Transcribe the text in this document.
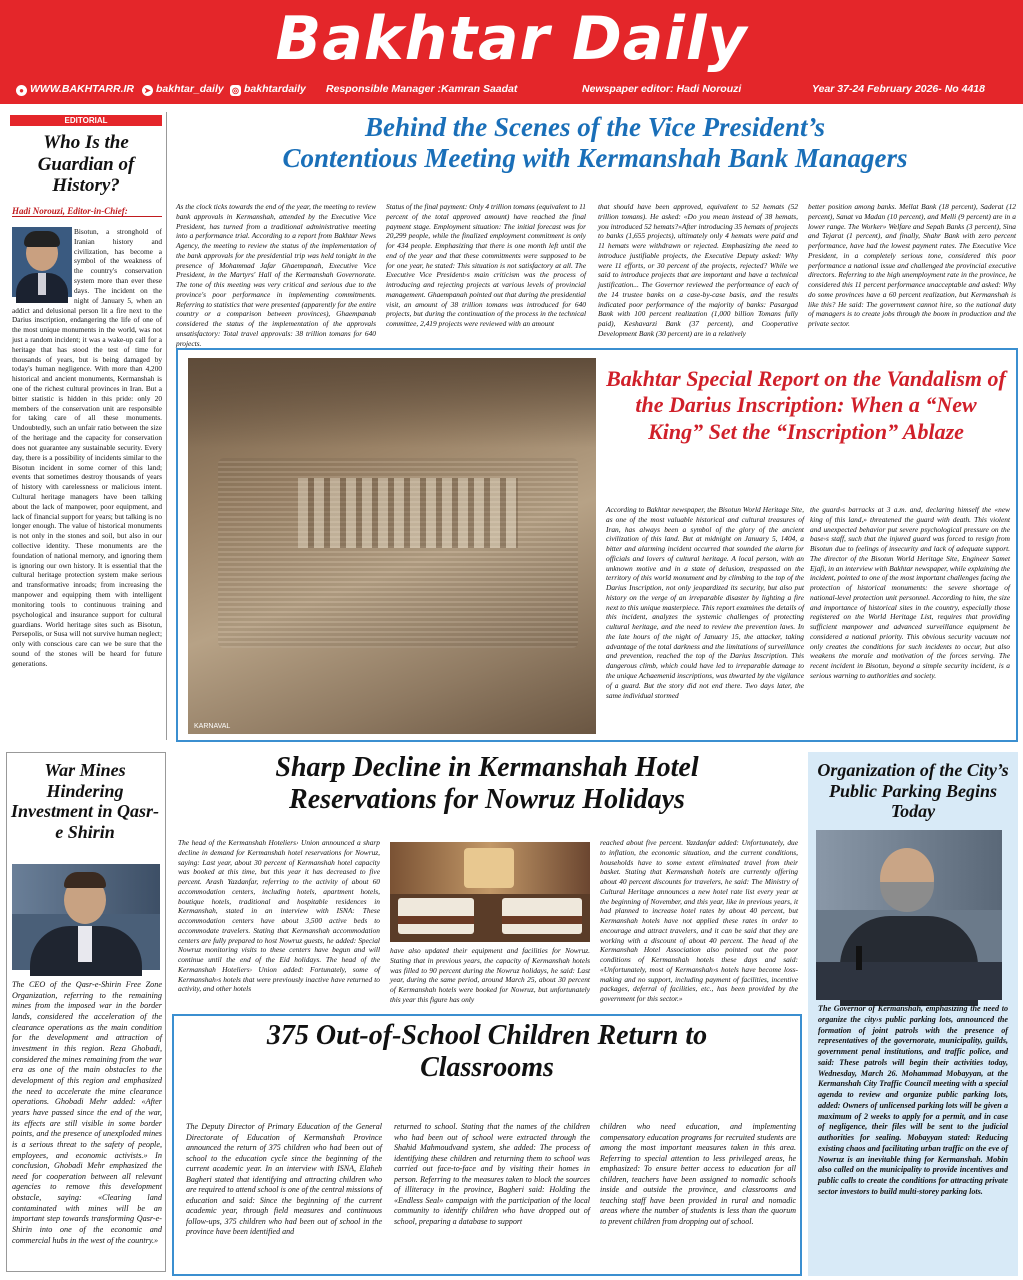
Bakhtar Daily
● WWW.BAKHTARR.IR ➤ bakhtar_daily ◎ bakhtardaily Responsible Manager :Kamran Saadat	Newspaper editor: Hadi Norouzi	Year 37-24 February 2026- No 4418
EDITORIAL
Who Is the Guardian of History?
Hadi Norouzi, Editor-in-Chief:

Bisotun, a stronghold of Iranian history and civilization, has become a symbol of the weakness of the country's conservation system more than ever these days. The incident on the night of January 5, when an addict and delusional person lit a fire next to the Darius inscription, endangering the life of one of the most unique monuments in the world, was not just a random incident; it was a wake-up call for a heritage that has stood the test of time for thousands of years, but is being damaged by today's human negligence. With more than 4,200 historical and ancient monuments, Kermanshah is one of the richest cultural provinces in Iran. But a bitter statistic is hidden in this pride: only 20 members of the conservation unit are responsible for taking care of all these monuments. Undoubtedly, such an unfair ratio between the size of the heritage and the capacity for conservation does not guarantee any sustainable security. Every day, there is a possibility of incidents similar to the Bisotun incident in some corner of this land; events that sometimes destroy thousands of years of history with carelessness or malicious intent. Cultural heritage managers have been talking about the lack of manpower, poor equipment, and lack of financial support for years; but talking is no longer enough. The value of historical monuments is not only in the stones and soil, but also in our collective identity. These monuments are the foundation of national memory, and ignoring them is ignoring our own history. It is essential that the cultural heritage protection system make serious and transformative inroads; from increasing the manpower and equipping them with intelligent monitoring tools to continuous training and psychological and insurance support for cultural guardians. World heritage sites such as Bisotun, Persepolis, or Susa will not survive human neglect; only with conscious care can we be sure that the sound of the stones will be heard for future generations.

Behind the Scenes of the Vice President’s
Contentious Meeting with Kermanshah Bank Managers
As the clock ticks towards the end of the year, the meeting to review bank approvals in Kermanshah, attended by the Executive Vice President, has turned from a traditional administrative meeting into a performance trial. According to a report from Bakhtar News Agency, the meeting to review the status of the implementation of the bank approvals for the presidential trip was held tonight in the presence of Mohammad Jafar Ghaempanah, Executive Vice President, in the Martyrs' Hall of the Kermanshah Governorate. The tone of this meeting was very critical and serious due to the province's poor performance in implementing commitments. Referring to statistics that were presented (apparently for the entire country or a comparison between provinces), Ghaempanah considered the status of the implementation of the approvals unsatisfactory: Total travel approvals: 38 trillion tomans for 640 projects.
Status of the final payment: Only 4 trillion tomans (equivalent to 11 percent of the total approved amount) have reached the final payment stage. Employment situation: The initial forecast was for 20,299 people, while the finalized employment commitment is only for 434 people. Emphasizing that there is one month left until the end of the year and that these commitments were supposed to be for one year, he stated: This situation is not satisfactory at all. The Executive Vice President›s main criticism was the process of introducing and rejecting projects at various levels of provincial management. Ghaempanah pointed out that during the presidential visit, an amount of 38 trillion tomans was introduced for 640 projects, but during the continuation of the process in the technical committee, 2,419 projects were reviewed with an amount
that should have been approved, equivalent to 52 hemats (52 trillion tomans). He asked: «Do you mean instead of 38 hemats, you introduced 52 hemats?»After introducing 35 hemats of projects to banks (1,655 projects), ultimately only 4 hemats were paid and 11 hemats were withdrawn or rejected. Emphasizing the need to introduce justifiable projects, the Executive Deputy asked: Why were 11 efforts, or 30 percent of the projects, rejected? While we said to introduce projects that are important and have a technical justification... The Governor reviewed the performance of each of the 14 trustee banks on a case-by-case basis, and the results indicated poor performance of the majority of banks: Pasargad Bank with 100 percent realization (1,000 billion Tomans fully paid), Keshavarzi Bank (37 percent), and Cooperative Development Bank (30 percent) are in a relatively
better position among banks. Mellat Bank (18 percent), Saderat (12 percent), Sanat va Madan (10 percent), and Melli (9 percent) are in a lower range. The Worker» Welfare and Sepah Banks (3 percent), Sina and Tejarat (1 percent), and finally, Shahr Bank with zero percent performance, have had the lowest payment rates. The Executive Vice President, in a completely serious tone, considered this poor performance a national issue and challenged the provincial executive directors. Referring to the high unemployment rate in the province, he considered this 11 percent performance unacceptable and asked: Why do some provinces have a 60 percent realization, but Kermanshah is like this? He said: The government cannot hire, so the national duty of managers is to create jobs through the boom in production and the private sector.
KARNAVAL
Bakhtar Special Report on the Vandalism of the Darius Inscription: When a “New King” Set the “Inscription” Ablaze
According to Bakhtar newspaper, the Bisotun World Heritage Site, as one of the most valuable historical and cultural treasures of Iran, has always been a symbol of the glory of the ancient civilization of this land. But at midnight on January 5, 1404, a bitter and alarming incident occurred that sounded the alarm for officials and lovers of cultural heritage. A local person, with an unknown motive and in a state of delusion, trespassed on the territory of this world monument and by climbing to the top of the Darius Inscription, not only jeopardized its security, but also put history on the verge of an irreparable disaster by lighting a fire next to this unique masterpiece. This report examines the details of this incident, analyzes the systemic challenges of protecting cultural heritage, and the need to review the prevention laws. In the late hours of the night of January 15, the attacker, taking advantage of the total darkness and the limitations of surveillance and prevention, reached the top of the Darius Inscription. This dangerous climb, which could have led to irreparable damage to the unique Achaemenid inscriptions, was thwarted by the vigilance of a guard. But the story did not end there. Two days later, the same individual stormed
the guard›s barracks at 3 a.m. and, declaring himself the «new king of this land,» threatened the guard with death. This violent and unexpected behavior put severe psychological pressure on the base›s staff, such that the injured guard was forced to resign from Bisotun due to feelings of insecurity and lack of adequate support. The director of the Bisotun World Heritage Site, Engineer Samet Ejafi, in an interview with Bakhtar newspaper, while explaining the incident, pointed to one of the most important challenges facing the protection of historical monuments: the severe shortage of national-level protection unit personnel. According to him, the size and importance of historical sites in the country, especially those registered on the World Heritage List, requires that providing sufficient manpower and advanced surveillance equipment be considered a national priority. This obvious security vacuum not only creates the conditions for such incidents to occur, but also weakens the morale and motivation of the forces serving. The recent incident in Bisotun, beyond a simple security incident, is a serious warning to authorities and society.
War Mines Hindering Investment in Qasr-e Shirin
The CEO of the Qasr-e-Shirin Free Zone Organization, referring to the remaining mines from the imposed war in the border lands, considered the acceleration of the clearance operations as the main condition for the development and attraction of investment in this region. Reza Ghobadi, considered the mines remaining from the war era as one of the main obstacles to the development of this region and emphasized the need to accelerate the mine clearance operations. Ghobadi Mehr added: «After years have passed since the end of the war, its effects are still visible in some border points, and the presence of unexploded mines is a serious threat to the safety of people, employees, and economic activists.» In conclusion, Ghobadi Mehr emphasized the need for cooperation between all relevant agencies to remove this development obstacle, saying: «Clearing land contaminated with mines will be an important step towards transforming Qasr-e-Shirin into one of the economic and commercial hubs in the west of the country.»
Sharp Decline in Kermanshah Hotel
Reservations for Nowruz Holidays
The head of the Kermanshah Hoteliers› Union announced a sharp decline in demand for Kermanshah hotel reservations for Nowruz, saying: Last year, about 30 percent of Kermanshah hotel capacity was booked at this time, but this year it has decreased to five percent. Arash Yazdanfar, referring to the activity of about 60 accommodation centers, including hotels, apartment hotels, boutique hotels, traditional and hospitable residences in Kermanshah, stated in an interview with ISNA: These accommodation centers have about 3,500 active beds to accommodate travelers. Stating that Kermanshah accommodation centers are fully prepared to host Nowruz guests, he added: Special Nowruz monitoring visits to these centers have begun and will continue until the end of the Eid holidays. The head of the Kermanshah Hoteliers› Union added: Fortunately, some of Kermanshah›s hotels that were previously inactive have returned to activity, and other hotels
have also updated their equipment and facilities for Nowruz. Stating that in previous years, the capacity of Kermanshah hotels was filled to 90 percent during the Nowruz holidays, he said: Last year, during the same period, around March 25, about 30 percent of Kermanshah hotels were booked for Nowruz, but unfortunately this year this figure has only
reached about five percent. Yazdanfar added: Unfortunately, due to inflation, the economic situation, and the current conditions, households have to some extent eliminated travel from their basket. Stating that Kermanshah hotels are currently offering about 40 percent discounts for travelers, he said: The Ministry of Cultural Heritage announces a new hotel rate list every year at the beginning of November, and this year, like in previous years, it had planned to increase hotel rates by about 40 percent, but Kermanshah hotels have not applied these rates in order to encourage and attract travelers, and it can be said that they are working with a discount of about 40 percent. The head of the Kermanshah Hotel Association also pointed out the poor conditions of Kermanshah hotels these days and said: «Unfortunately, most of Kermanshah›s hotels have become loss-making and no support, including payment of facilities, incentive packages, deferral of facilities, etc., has been provided by the government for this sector.»
375 Out-of-School Children Return to
Classrooms
The Deputy Director of Primary Education of the General Directorate of Education of Kermanshah Province announced the return of 375 children who had been out of school to the education cycle since the beginning of the current academic year. In an interview with ISNA, Elaheh Bagheri stated that identifying and attracting children who are required to attend school is one of the central missions of education and said: Since the beginning of the current academic year, through field measures and continuous follow-ups, 375 children who had been out of school in the province have been identified and
returned to school. Stating that the names of the children who had been out of school were extracted through the Shahid Mahmoudvand system, she added: The process of identifying these children and returning them to school was carried out face-to-face and by visiting their homes in person. Referring to the measures taken to block the sources of illiteracy in the province, Bagheri said: Holding the «Endless Seal» campaign with the participation of the local community to identify children who have dropped out of school, preparing a database to support
children who need education, and implementing compensatory education programs for recruited students are among the most important measures taken in this area. Referring to special attention to less privileged areas, he emphasized: To ensure better access to education for all children, teachers have been assigned to nomadic schools inside and outside the province, and classrooms and teaching staff have been provided in rural and nomadic areas where the number of students is less than the quorum to prevent children from dropping out of school.
Organization of the City’s Public Parking Begins Today
The Governor of Kermanshah, emphasizing the need to organize the city›s public parking lots, announced the formation of joint patrols with the presence of representatives of the governorate, municipality, guilds, government penal institutions, and traffic police, and said: These patrols will begin their activities today, Wednesday, March 26. Mohammad Mobayyan, at the Kermanshah City Traffic Council meeting with a special agenda to review and organize public parking lots, added: Owners of unlicensed parking lots will be given a maximum of 2 weeks to apply for a permit, and in case of negligence, their files will be sent to the judicial authorities for sealing. Mobayyan stated: Reducing existing chaos and facilitating urban traffic on the eve of Nowruz is an inevitable thing for Kermanshah. Mobin also called on the municipality to provide incentives and public calls to create the conditions for attracting private sector investors to build multi-storey parking lots.
